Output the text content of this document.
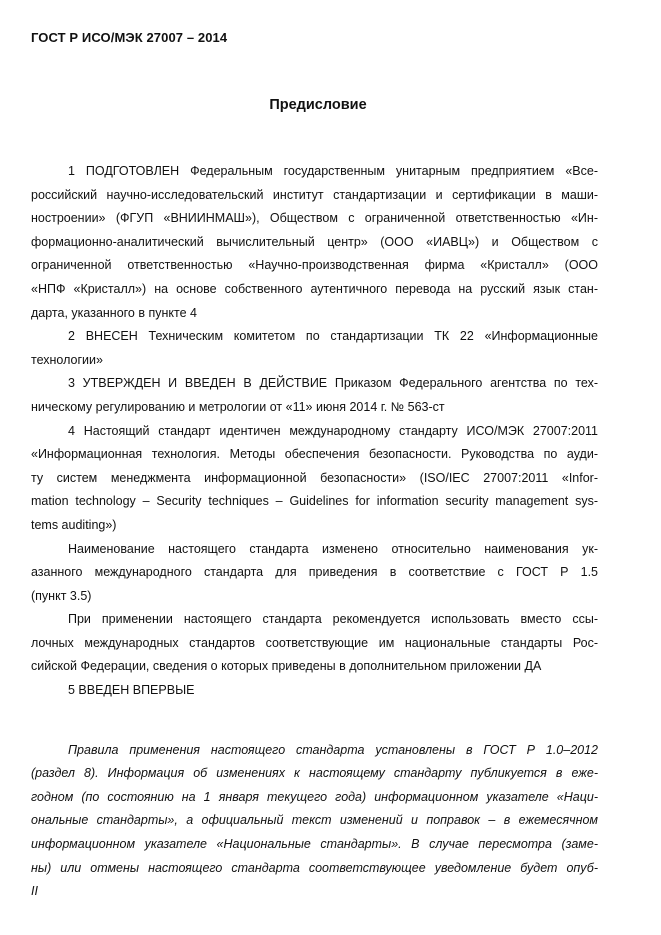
ГОСТ Р ИСО/МЭК 27007 – 2014
Предисловие
1 ПОДГОТОВЛЕН Федеральным государственным унитарным предприятием «Все-
российский научно-исследовательский институт стандартизации и сертификации в маши-
ностроении» (ФГУП «ВНИИНМАШ»), Обществом с ограниченной ответственностью «Ин-
формационно-аналитический вычислительный центр» (ООО «ИАВЦ») и Обществом с
ограниченной ответственностью «Научно-производственная фирма «Кристалл» (ООО
«НПФ «Кристалл») на основе собственного аутентичного перевода на русский язык стан-
дарта, указанного в пункте 4
2 ВНЕСЕН Техническим комитетом по стандартизации ТК 22 «Информационные
технологии»
3 УТВЕРЖДЕН И ВВЕДЕН В ДЕЙСТВИЕ Приказом Федерального агентства по тех-
ническому регулированию и метрологии от «11» июня 2014 г. № 563-ст
4 Настоящий стандарт идентичен международному стандарту ИСО/МЭК 27007:2011
«Информационная технология. Методы обеспечения безопасности. Руководства по ауди-
ту систем менеджмента информационной безопасности» (ISO/IEC 27007:2011 «Infor-
mation technology – Security techniques – Guidelines for information security management sys-
tems auditing»)
Наименование настоящего стандарта изменено относительно наименования ук-
азанного международного стандарта для приведения в соответствие с ГОСТ Р 1.5
(пункт 3.5)
При применении настоящего стандарта рекомендуется использовать вместо ссы-
лочных международных стандартов соответствующие им национальные стандарты Рос-
сийской Федерации, сведения о которых приведены в дополнительном приложении ДА
5 ВВЕДЕН ВПЕРВЫЕ
Правила применения настоящего стандарта установлены в ГОСТ Р 1.0–2012
(раздел 8). Информация об изменениях к настоящему стандарту публикуется в еже-
годном (по состоянию на 1 января текущего года) информационном указателе «Наци-
ональные стандарты», а официальный текст изменений и поправок – в ежемесячном
информационном указателе «Национальные стандарты». В случае пересмотра (заме-
ны) или отмены настоящего стандарта соответствующее уведомление будет опуб-
II
